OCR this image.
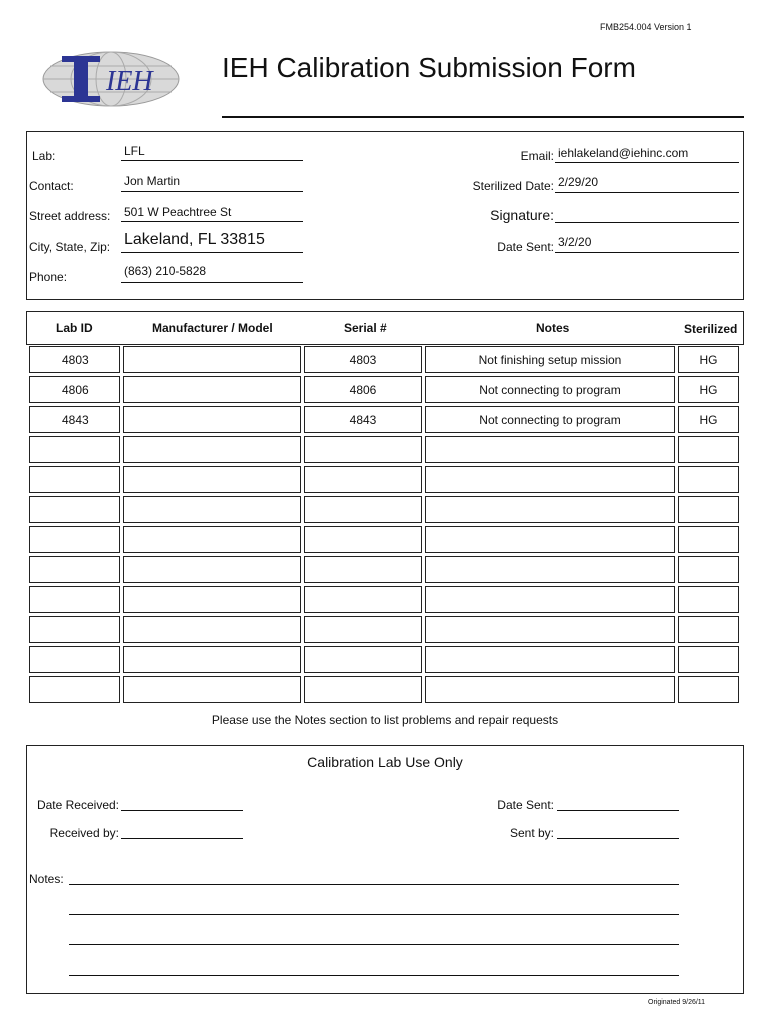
FMB254.004 Version 1
IEH IEH Calibration Submission Form
Lab:	LFL
Contact:	Jon Martin
Street address: 501 W Peachtree St
City, State, Zip: Lakeland, FL 33815
Phone:	(863) 210-5828
Email: iehlakeland@iehinc.com
Sterilized Date: 2/29/20
Signature:
Date Sent: 3/2/20
Lab ID	Manufacturer / Model	Serial #	Notes	Sterilized
4803		4803	Not finishing setup mission	HG
4806		4806	Not connecting to program	HG
4843		4843	Not connecting to program	HG

Please use the Notes section to list problems and repair requests
Calibration Lab Use Only
Date Received:
Received by:
Date Sent:
Sent by:
Notes:
Originated 9/26/11
